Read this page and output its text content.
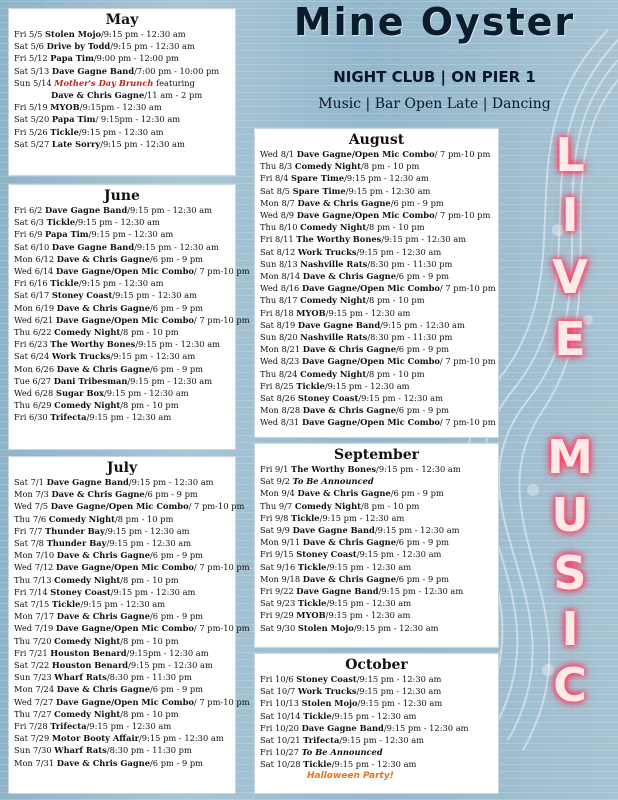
Mine Oyster
NIGHT CLUB | ON PIER 1
Music | Bar Open Late | Dancing
L
I
V
E
M
U
S
I
C
May
Fri 5/5 Stolen Mojo/9:15 pm - 12:30 am
Sat 5/6 Drive by Todd/9:15 pm - 12:30 am
Fri 5/12 Papa Tim/9:00 pm - 12:00 pm
Sat 5/13 Dave Gagne Band/7:00 pm - 10:00 pm
Sun 5/14 Mother's Day Brunch featuring
Dave & Chris Gagne/11 am - 2 pm
Fri 5/19 MYOB/9:15pm - 12:30 am
Sat 5/20 Papa Tim/ 9:15pm - 12:30 am
Fri 5/26 Tickle/9:15 pm - 12:30 am
Sat 5/27 Late Sorry/9:15 pm - 12:30 am
June
Fri 6/2 Dave Gagne Band/9:15 pm - 12:30 am
Sat 6/3 Tickle/9:15 pm - 12:30 am
Fri 6/9 Papa Tim/9:15 pm - 12:30 am
Sat 6/10 Dave Gagne Band/9:15 pm - 12:30 am
Mon 6/12 Dave & Chris Gagne/6 pm - 9 pm
Wed 6/14 Dave Gagne/Open Mic Combo/ 7 pm-10 pm
Fri 6/16 Tickle/9:15 pm - 12:30 am
Sat 6/17 Stoney Coast/9:15 pm - 12:30 am
Mon 6/19 Dave & Chris Gagne/6 pm - 9 pm
Wed 6/21 Dave Gagne/Open Mic Combo/ 7 pm-10 pm
Thu 6/22 Comedy Night/8 pm - 10 pm
Fri 6/23 The Worthy Bones/9:15 pm - 12:30 am
Sat 6/24 Work Trucks/9:15 pm - 12:30 am
Mon 6/26 Dave & Chris Gagne/6 pm - 9 pm
Tue 6/27 Dani Tribesman/9:15 pm - 12:30 am
Wed 6/28 Sugar Box/9:15 pm - 12:30 am
Thu 6/29 Comedy Night/8 pm - 10 pm
Fri 6/30 Trifecta/9:15 pm - 12:30 am
July
Sat 7/1 Dave Gagne Band/9:15 pm - 12:30 am
Mon 7/3 Dave & Chris Gagne/6 pm - 9 pm
Wed 7/5 Dave Gagne/Open Mic Combo/ 7 pm-10 pm
Thu 7/6 Comedy Night/8 pm - 10 pm
Fri 7/7 Thunder Bay/9:15 pm - 12:30 am
Sat 7/8 Thunder Bay/9:15 pm - 12:30 am
Mon 7/10 Dave & Chris Gagne/6 pm - 9 pm
Wed 7/12 Dave Gagne/Open Mic Combo/ 7 pm-10 pm
Thu 7/13 Comedy Night/8 pm - 10 pm
Fri 7/14 Stoney Coast/9:15 pm - 12:30 am
Sat 7/15 Tickle/9:15 pm - 12:30 am
Mon 7/17 Dave & Chris Gagne/6 pm - 9 pm
Wed 7/19 Dave Gagne/Open Mic Combo/ 7 pm-10 pm
Thu 7/20 Comedy Night/8 pm - 10 pm
Fri 7/21 Houston Benard/9:15pm - 12:30 am
Sat 7/22 Houston Benard/9:15 pm - 12:30 am
Sun 7/23 Wharf Rats/8:30 pm - 11:30 pm
Mon 7/24 Dave & Chris Gagne/6 pm - 9 pm
Wed 7/27 Dave Gagne/Open Mic Combo/ 7 pm-10 pm
Thu 7/27 Comedy Night/8 pm - 10 pm
Fri 7/28 Trifecta/9:15 pm - 12:30 am
Sat 7/29 Motor Booty Affair/9:15 pm - 12:30 am
Sun 7/30 Wharf Rats/8:30 pm - 11:30 pm
Mon 7/31 Dave & Chris Gagne/6 pm - 9 pm
August
Wed 8/1 Dave Gagne/Open Mic Combo/ 7 pm-10 pm
Thu 8/3 Comedy Night/8 pm - 10 pm
Fri 8/4 Spare Time/9:15 pm - 12:30 am
Sat 8/5 Spare Time/9:15 pm - 12:30 am
Mon 8/7 Dave & Chris Gagne/6 pm - 9 pm
Wed 8/9 Dave Gagne/Open Mic Combo/ 7 pm-10 pm
Thu 8/10 Comedy Night/8 pm - 10 pm
Fri 8/11 The Worthy Bones/9:15 pm - 12:30 am
Sat 8/12 Work Trucks/9:15 pm - 12:30 am
Sun 8/13 Nashville Rats/8:30 pm - 11:30 pm
Mon 8/14 Dave & Chris Gagne/6 pm - 9 pm
Wed 8/16 Dave Gagne/Open Mic Combo/ 7 pm-10 pm
Thu 8/17 Comedy Night/8 pm - 10 pm
Fri 8/18 MYOB/9:15 pm - 12:30 am
Sat 8/19 Dave Gagne Band/9:15 pm - 12:30 am
Sun 8/20 Nashville Rats/8:30 pm - 11:30 pm
Mon 8/21 Dave & Chris Gagne/6 pm - 9 pm
Wed 8/23 Dave Gagne/Open Mic Combo/ 7 pm-10 pm
Thu 8/24 Comedy Night/8 pm - 10 pm
Fri 8/25 Tickle/9:15 pm - 12:30 am
Sat 8/26 Stoney Coast/9:15 pm - 12:30 am
Mon 8/28 Dave & Chris Gagne/6 pm - 9 pm
Wed 8/31 Dave Gagne/Open Mic Combo/ 7 pm-10 pm
September
Fri 9/1 The Worthy Bones/9:15 pm - 12:30 am
Sat 9/2 To Be Announced
Mon 9/4 Dave & Chris Gagne/6 pm - 9 pm
Thu 9/7 Comedy Night/8 pm - 10 pm
Fri 9/8 Tickle/9:15 pm - 12:30 am
Sat 9/9 Dave Gagne Band/9:15 pm - 12:30 am
Mon 9/11 Dave & Chris Gagne/6 pm - 9 pm
Fri 9/15 Stoney Coast/9:15 pm - 12:30 am
Sat 9/16 Tickle/9:15 pm - 12:30 am
Mon 9/18 Dave & Chris Gagne/6 pm - 9 pm
Fri 9/22 Dave Gagne Band/9:15 pm - 12:30 am
Sat 9/23 Tickle/9:15 pm - 12:30 am
Fri 9/29 MYOB/9:15 pm - 12:30 am
Sat 9/30 Stolen Mojo/9:15 pm - 12:30 am
October
Fri 10/6 Stoney Coast/9:15 pm - 12:30 am
Sat 10/7 Work Trucks/9:15 pm - 12:30 am
Fri 10/13 Stolen Mojo/9:15 pm - 12:30 am
Sat 10/14 Tickle/9:15 pm - 12:30 am
Fri 10/20 Dave Gagne Band/9:15 pm - 12:30 am
Sat 10/21 Trifecta/9:15 pm - 12:30 am
Fri 10/27 To Be Announced
Sat 10/28 Tickle/9:15 pm - 12:30 am
Halloween Party!
